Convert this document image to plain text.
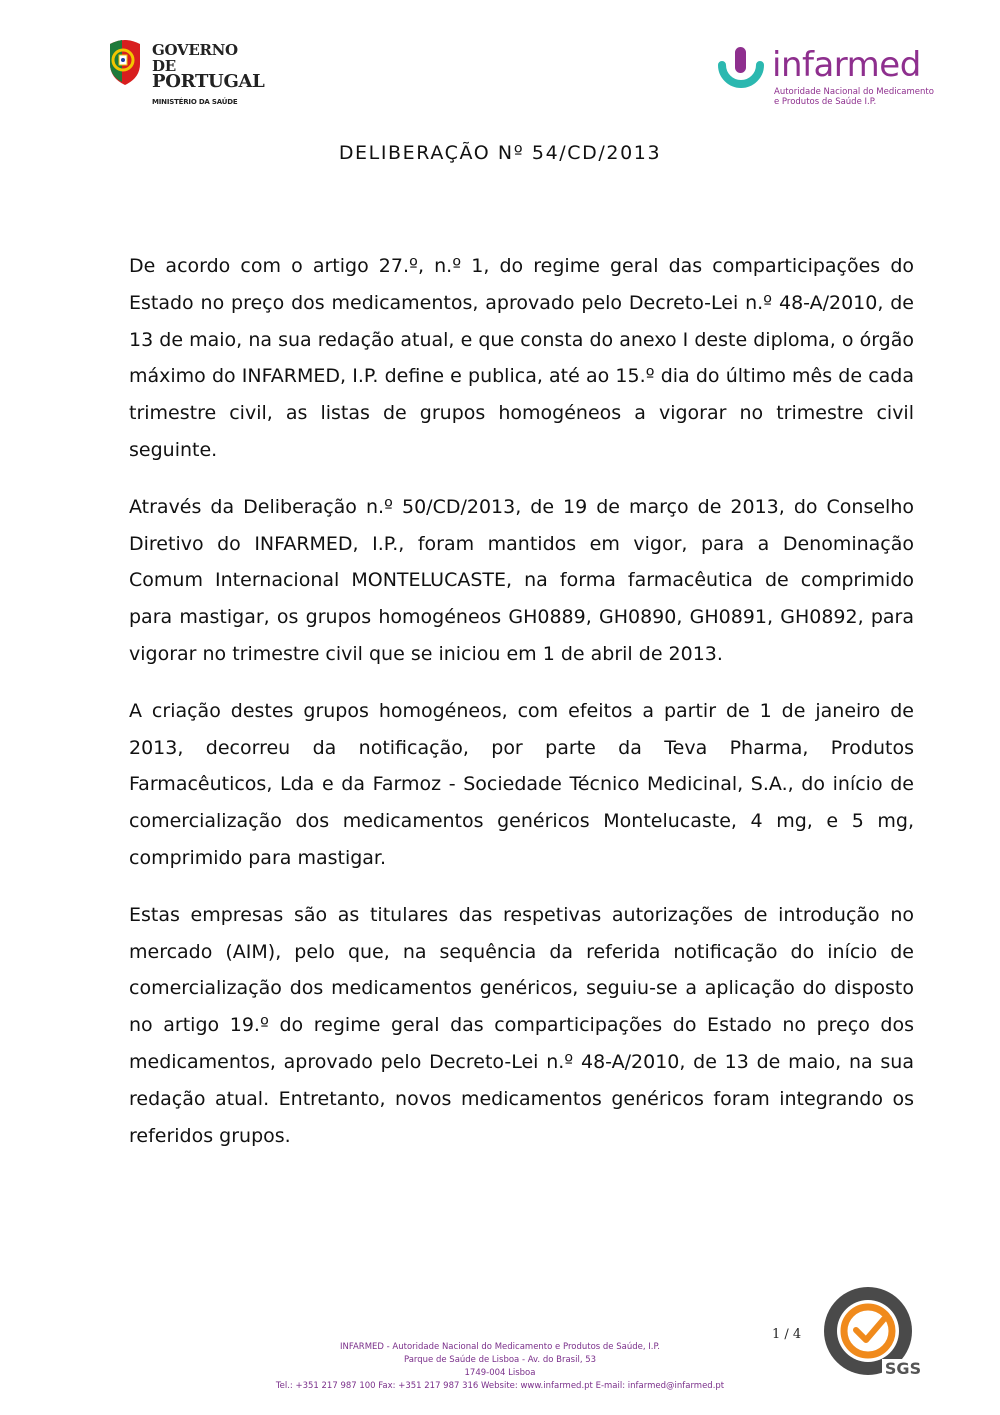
GOVERNO DE
PORTUGAL
MINISTÉRIO DA SAÚDE
infarmed
Autoridade Nacional do Medicamento
e Produtos de Saúde I.P.
DELIBERAÇÃO Nº 54/CD/2013

De acordo com o artigo 27.º, n.º 1, do regime geral das comparticipações do Estado no preço dos medicamentos, aprovado pelo Decreto-Lei n.º 48-A/2010, de 13 de maio, na sua redação atual, e que consta do anexo I deste diploma, o órgão máximo do INFARMED, I.P. define e publica, até ao 15.º dia do último mês de cada trimestre civil, as listas de grupos homogéneos a vigorar no trimestre civil seguinte.

Através da Deliberação n.º 50/CD/2013, de 19 de março de 2013, do Conselho Diretivo do INFARMED, I.P., foram mantidos em vigor, para a Denominação Comum Internacional MONTELUCASTE, na forma farmacêutica de comprimido para mastigar, os grupos homogéneos GH0889, GH0890, GH0891, GH0892, para vigorar no trimestre civil que se iniciou em 1 de abril de 2013.

A criação destes grupos homogéneos, com efeitos a partir de 1 de janeiro de 2013, decorreu da notificação, por parte da Teva Pharma, Produtos Farmacêuticos, Lda e da Farmoz - Sociedade Técnico Medicinal, S.A., do início de comercialização dos medicamentos genéricos Montelucaste, 4 mg, e 5 mg, comprimido para mastigar.

Estas empresas são as titulares das respetivas autorizações de introdução no mercado (AIM), pelo que, na sequência da referida notificação do início de comercialização dos medicamentos genéricos, seguiu-se a aplicação do disposto no artigo 19.º do regime geral das comparticipações do Estado no preço dos medicamentos, aprovado pelo Decreto-Lei n.º 48-A/2010, de 13 de maio, na sua redação atual. Entretanto, novos medicamentos genéricos foram integrando os referidos grupos.

1 / 4
INFARMED - Autoridade Nacional do Medicamento e Produtos de Saúde, I.P.
Parque de Saúde de Lisboa - Av. do Brasil, 53
1749-004 Lisboa
Tel.: +351 217 987 100 Fax: +351 217 987 316 Website: www.infarmed.pt E-mail: infarmed@infarmed.pt
SGS
